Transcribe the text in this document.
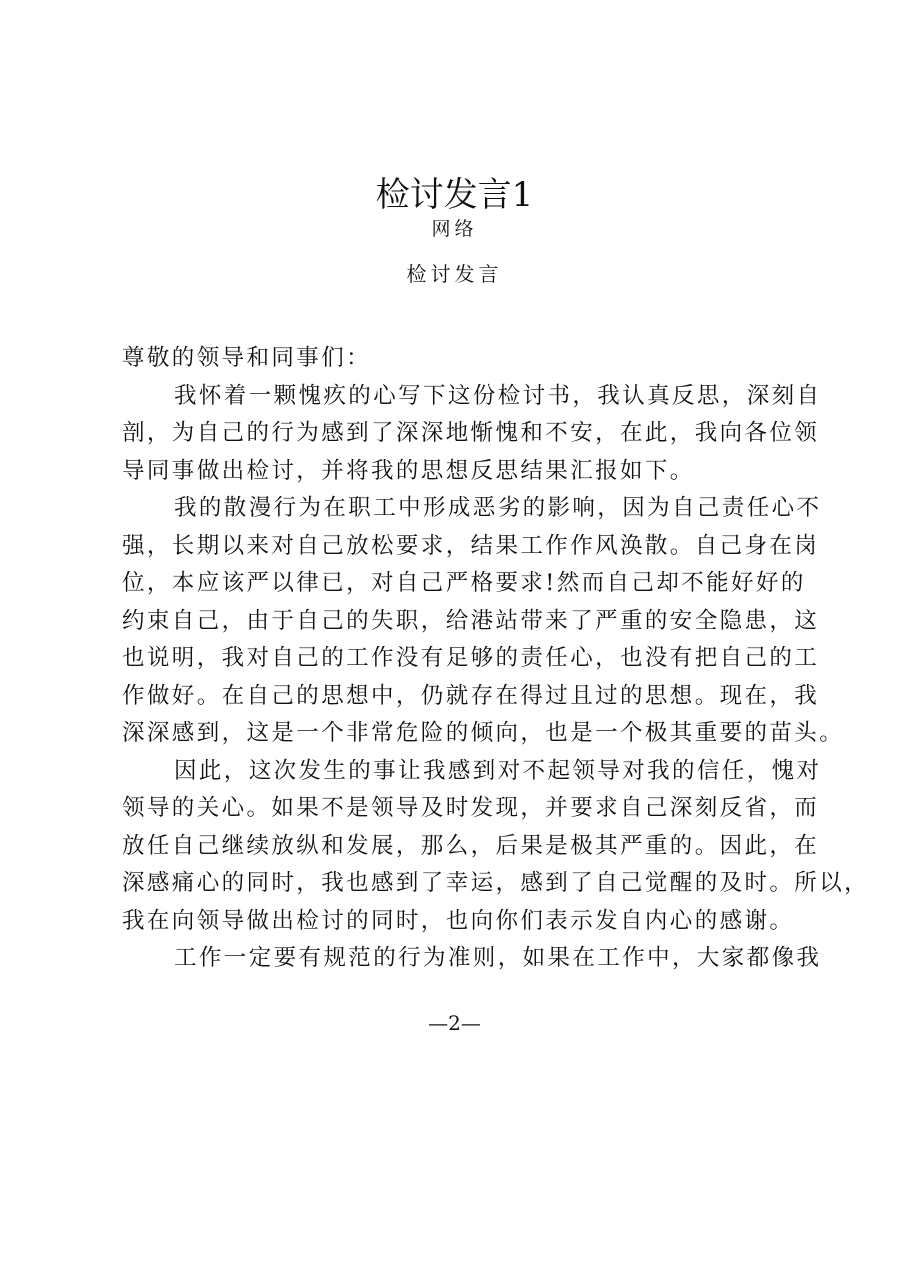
检讨发言1
网络
检讨发言
尊敬的领导和同事们：
我怀着一颗愧疚的心写下这份检讨书，我认真反思，深刻自
剖，为自己的行为感到了深深地惭愧和不安，在此，我向各位领
导同事做出检讨，并将我的思想反思结果汇报如下。
我的散漫行为在职工中形成恶劣的影响，因为自己责任心不
强，长期以来对自己放松要求，结果工作作风涣散。自己身在岗
位，本应该严以律已，对自己严格要求!然而自己却不能好好的
约束自己，由于自己的失职，给港站带来了严重的安全隐患，这
也说明，我对自己的工作没有足够的责任心，也没有把自己的工
作做好。在自己的思想中，仍就存在得过且过的思想。现在，我
深深感到，这是一个非常危险的倾向，也是一个极其重要的苗头。
因此，这次发生的事让我感到对不起领导对我的信任，愧对
领导的关心。如果不是领导及时发现，并要求自己深刻反省，而
放任自己继续放纵和发展，那么，后果是极其严重的。因此，在
深感痛心的同时，我也感到了幸运，感到了自己觉醒的及时。所以，
我在向领导做出检讨的同时，也向你们表示发自内心的感谢。
工作一定要有规范的行为准则，如果在工作中，大家都像我
—2—
